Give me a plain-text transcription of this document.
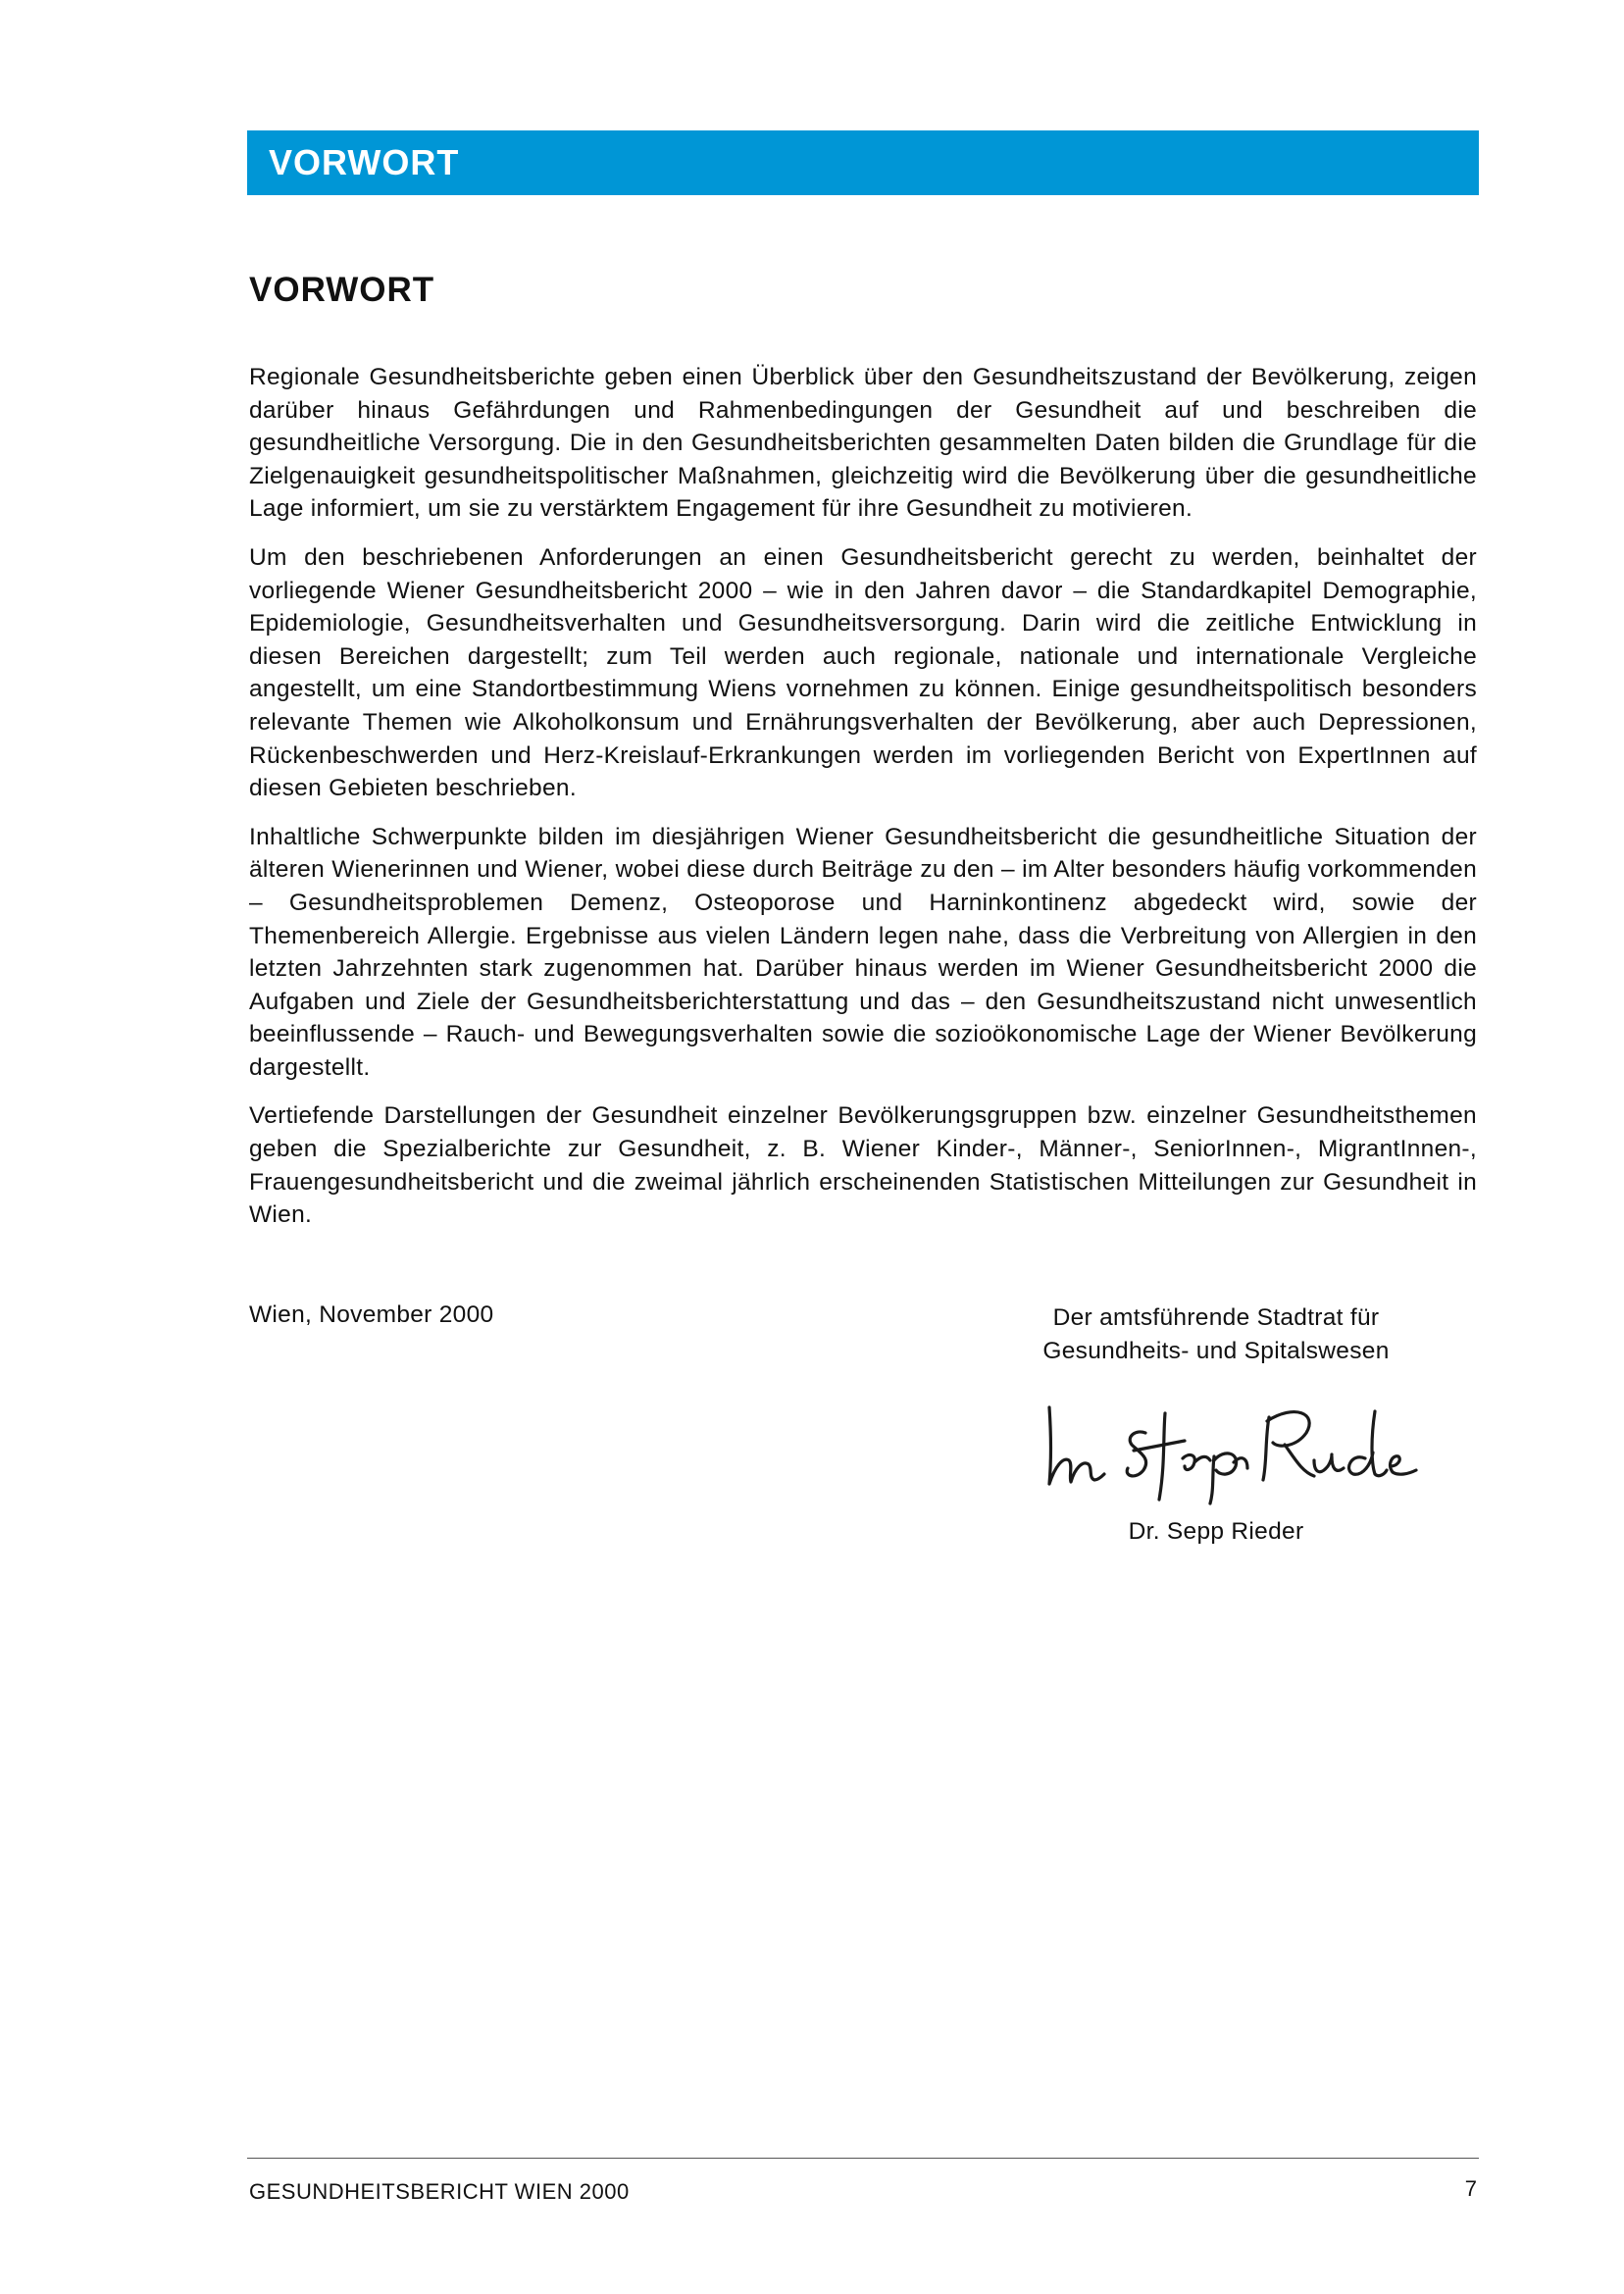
VORWORT
VORWORT

Regionale Gesundheitsberichte geben einen Überblick über den Gesundheitszustand der Bevölkerung, zeigen darüber hinaus Gefährdungen und Rahmenbedingungen der Gesundheit auf und beschreiben die gesundheitliche Versorgung. Die in den Gesundheitsberichten gesammelten Daten bilden die Grundlage für die Zielgenauigkeit gesundheitspolitischer Maßnahmen, gleichzeitig wird die Bevölkerung über die gesundheitliche Lage informiert, um sie zu verstärktem Engagement für ihre Gesundheit zu motivieren.

Um den beschriebenen Anforderungen an einen Gesundheitsbericht gerecht zu werden, beinhaltet der vorliegende Wiener Gesundheitsbericht 2000 – wie in den Jahren davor – die Standardkapitel Demographie, Epidemiologie, Gesundheitsverhalten und Gesundheitsversorgung. Darin wird die zeitliche Entwicklung in diesen Bereichen dargestellt; zum Teil werden auch regionale, nationale und internationale Vergleiche angestellt, um eine Standortbestimmung Wiens vornehmen zu können. Einige gesundheitspolitisch besonders relevante Themen wie Alkoholkonsum und Ernährungsverhalten der Bevölkerung, aber auch Depressionen, Rückenbeschwerden und Herz-Kreislauf-Erkrankungen werden im vorliegenden Bericht von ExpertInnen auf diesen Gebieten beschrieben.

Inhaltliche Schwerpunkte bilden im diesjährigen Wiener Gesundheitsbericht die gesundheitliche Situation der älteren Wienerinnen und Wiener, wobei diese durch Beiträge zu den – im Alter besonders häufig vorkommenden – Gesundheitsproblemen Demenz, Osteoporose und Harninkontinenz abgedeckt wird, sowie der Themenbereich Allergie. Ergebnisse aus vielen Ländern legen nahe, dass die Verbreitung von Allergien in den letzten Jahrzehnten stark zugenommen hat. Darüber hinaus werden im Wiener Gesundheitsbericht 2000 die Aufgaben und Ziele der Gesundheitsberichterstattung und das – den Gesundheitszustand nicht unwesentlich beeinflussende – Rauch- und Bewegungsverhalten sowie die sozioökonomische Lage der Wiener Bevölkerung dargestellt.

Vertiefende Darstellungen der Gesundheit einzelner Bevölkerungsgruppen bzw. einzelner Gesundheitsthemen geben die Spezialberichte zur Gesundheit, z. B. Wiener Kinder-, Männer-, SeniorInnen-, MigrantInnen-, Frauengesundheitsbericht und die zweimal jährlich erscheinenden Statistischen Mitteilungen zur Gesundheit in Wien.

Wien, November 2000	Der amtsführende Stadtrat für
Gesundheits- und Spitalswesen
Dr. Sepp Rieder
GESUNDHEITSBERICHT WIEN 2000	7
